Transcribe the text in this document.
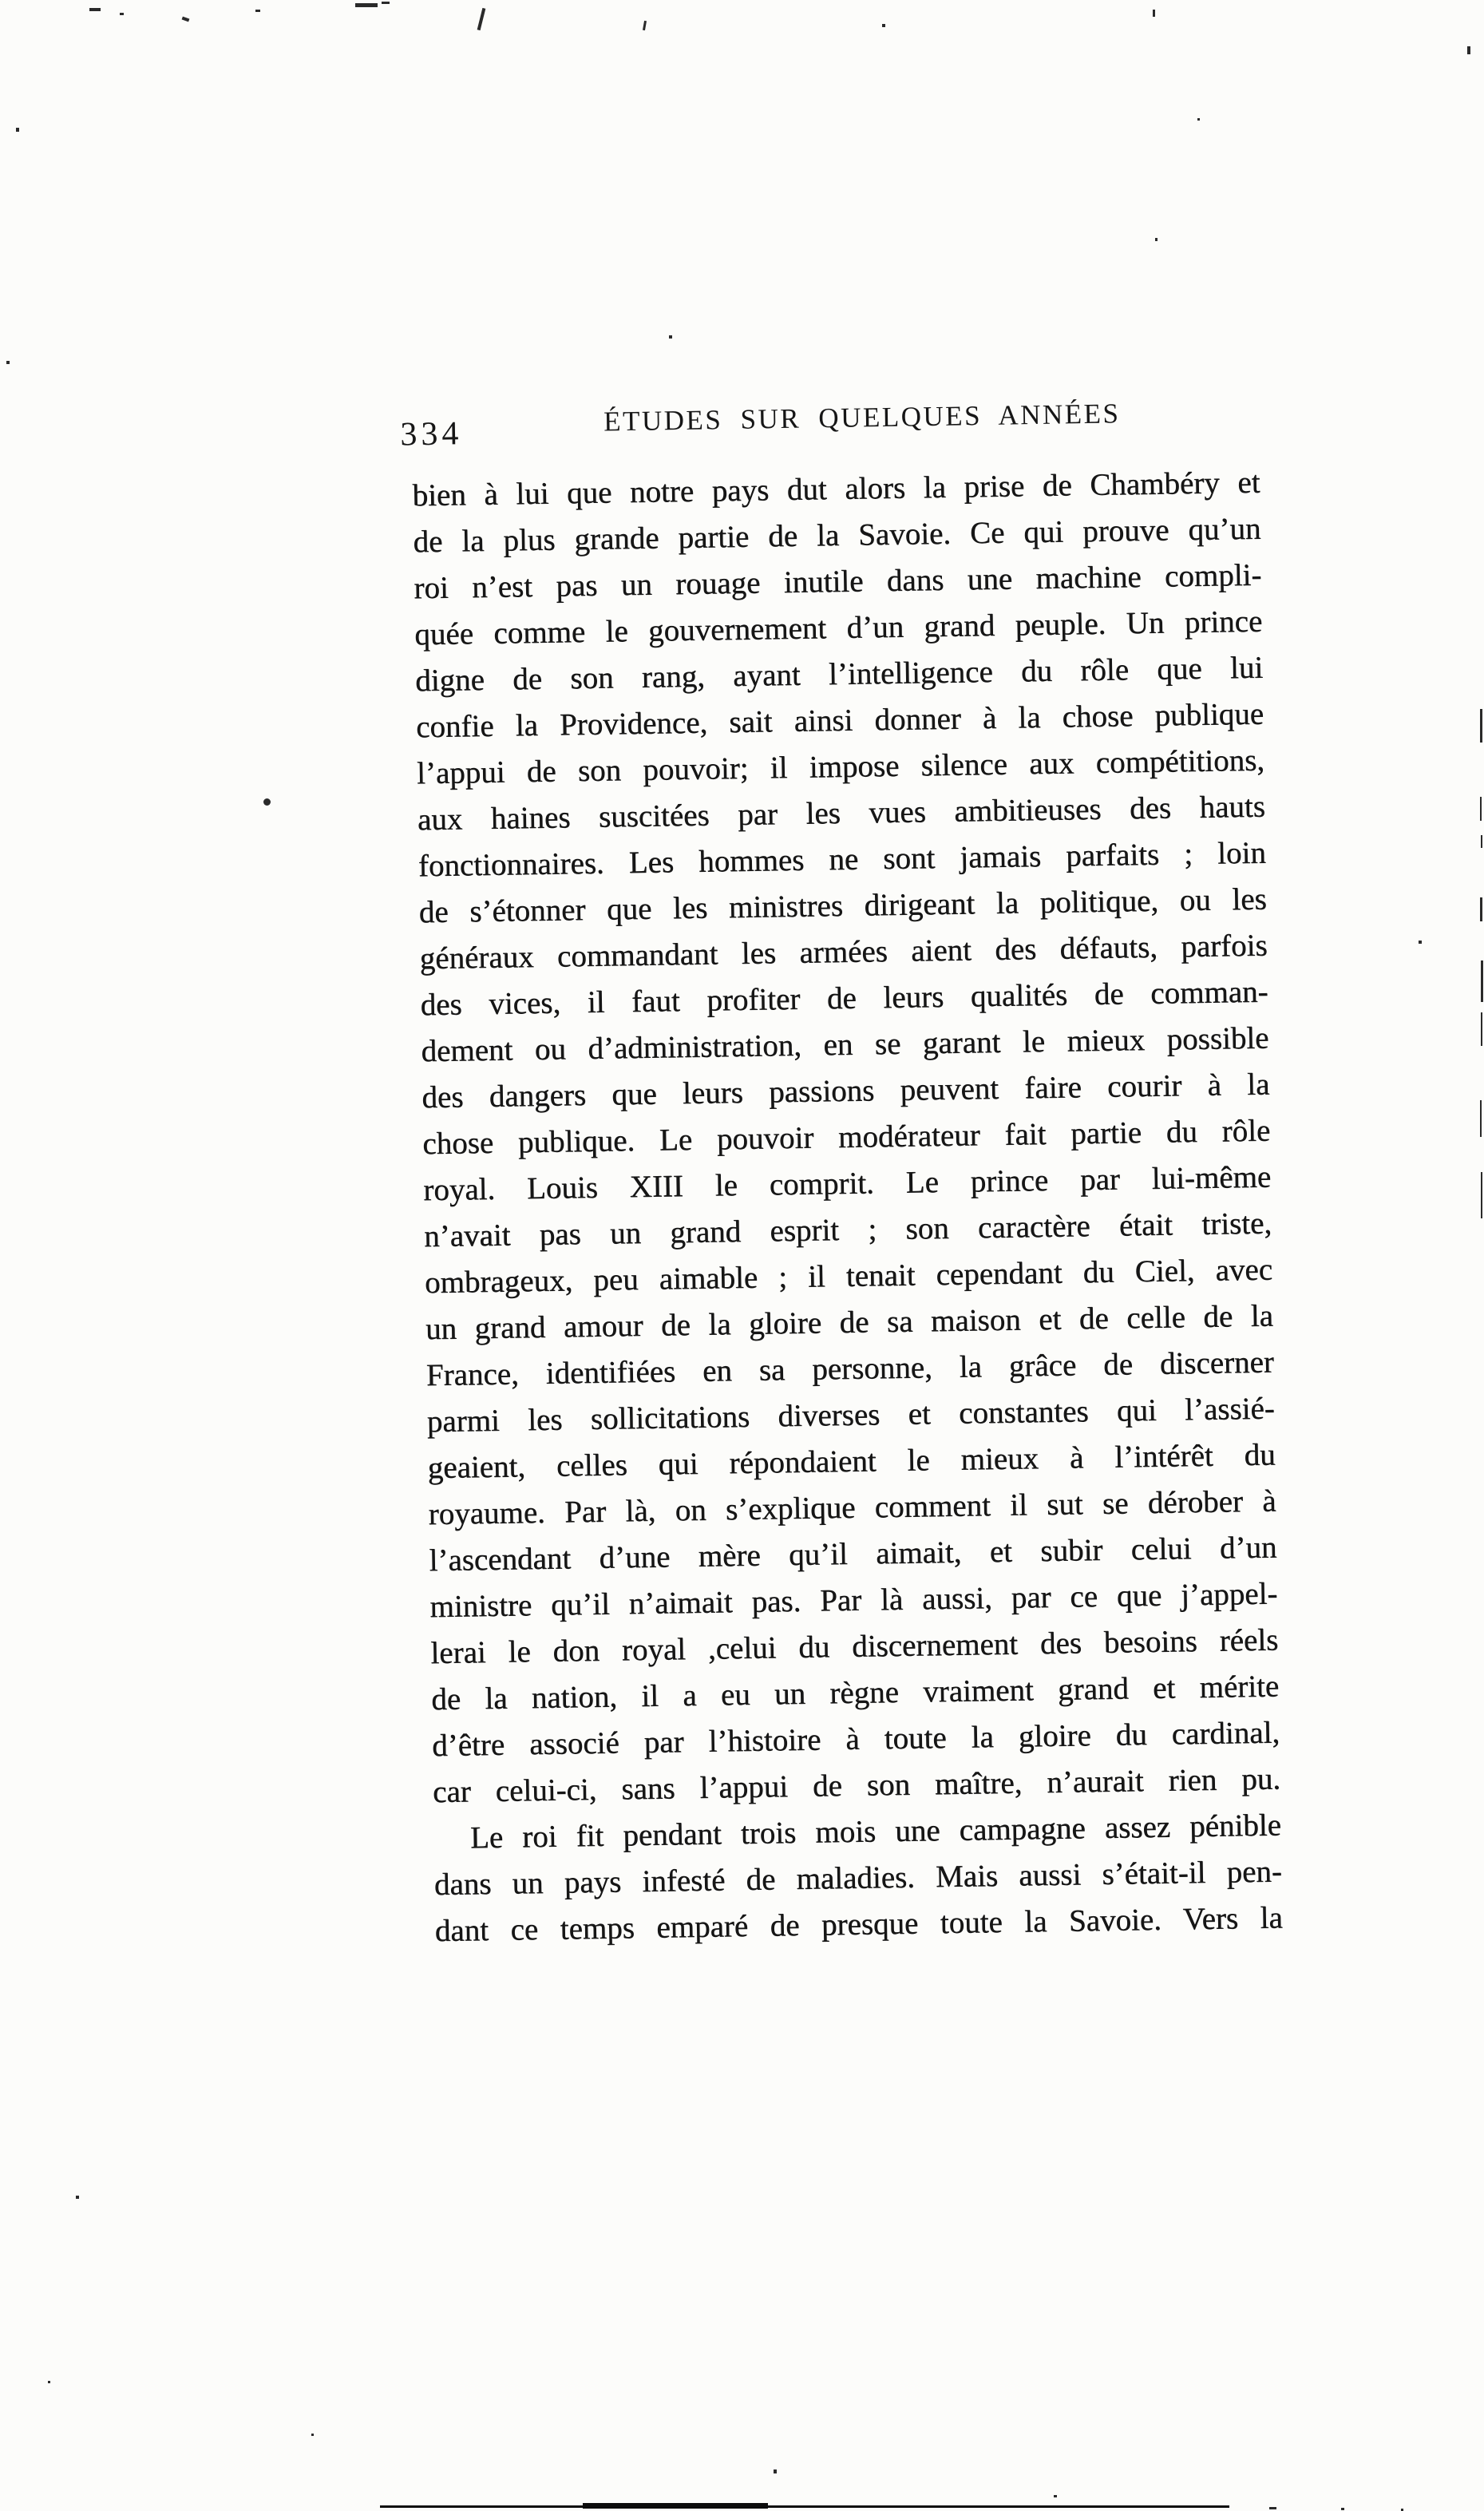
334	ÉTUDES SUR QUELQUES ANNÉES
bien à lui que notre pays dut alors la prise de Chambéry et
de la plus grande partie de la Savoie. Ce qui prouve qu’un
roi n’est pas un rouage inutile dans une machine compli-
quée comme le gouvernement d’un grand peuple. Un prince
digne de son rang, ayant l’intelligence du rôle que lui
confie la Providence, sait ainsi donner à la chose publique
l’appui de son pouvoir; il impose silence aux compétitions,
aux haines suscitées par les vues ambitieuses des hauts
fonctionnaires. Les hommes ne sont jamais parfaits ; loin
de s’étonner que les ministres dirigeant la politique, ou les
généraux commandant les armées aient des défauts, parfois
des vices, il faut profiter de leurs qualités de comman-
dement ou d’administration, en se garant le mieux possible
des dangers que leurs passions peuvent faire courir à la
chose publique. Le pouvoir modérateur fait partie du rôle
royal. Louis XIII le comprit. Le prince par lui-même
n’avait pas un grand esprit ; son caractère était triste,
ombrageux, peu aimable ; il tenait cependant du Ciel, avec
un grand amour de la gloire de sa maison et de celle de la
France, identifiées en sa personne, la grâce de discerner
parmi les sollicitations diverses et constantes qui l’assié-
geaient, celles qui répondaient le mieux à l’intérêt du
royaume. Par là, on s’explique comment il sut se dérober à
l’ascendant d’une mère qu’il aimait, et subir celui d’un
ministre qu’il n’aimait pas. Par là aussi, par ce que j’appel-
lerai le don royal ,celui du discernement des besoins réels
de la nation, il a eu un règne vraiment grand et mérite
d’être associé par l’histoire à toute la gloire du cardinal,
car celui-ci, sans l’appui de son maître, n’aurait rien pu.
Le roi fit pendant trois mois une campagne assez pénible
dans un pays infesté de maladies. Mais aussi s’était-il pen-
dant ce temps emparé de presque toute la Savoie. Vers la
